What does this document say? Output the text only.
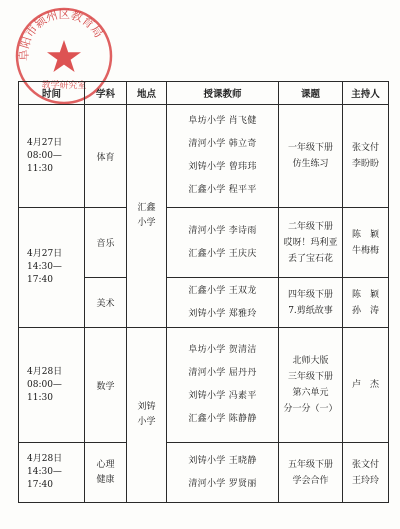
阜阳市颍州区教育局
教学研究室
时间	学科	地点	授课教师	课题	主持人

4月27日
08:00—11:30	体育	汇鑫
小学	阜坊小学 肖飞健
清河小学 韩立奇
刘铸小学 曾玮玮
汇鑫小学 程平平	一年级下册
仿生练习	张文付
李盼盼

4月27日
14:30—17:40	音乐		清河小学 李诗雨
汇鑫小学 王庆庆	二年级下册
哎呀！玛利亚
丢了宝石花	陈　颖
牛梅梅

	美术		汇鑫小学 王双龙
刘铸小学 郑雅玲	四年级下册
7.剪纸故事	陈　颖
孙　涛

4月28日
08:00—11:30	数学	刘铸
小学	阜坊小学 贺清洁
清河小学 屈丹丹
刘铸小学 冯素平
汇鑫小学 陈静静	北师大版
三年级下册
第六单元
分一分（一）	卢　杰

4月28日
14:30—17:40	心理
健康		刘铸小学 王晓静
清河小学 罗贤丽	五年级下册
学会合作	张文付
王玲玲
